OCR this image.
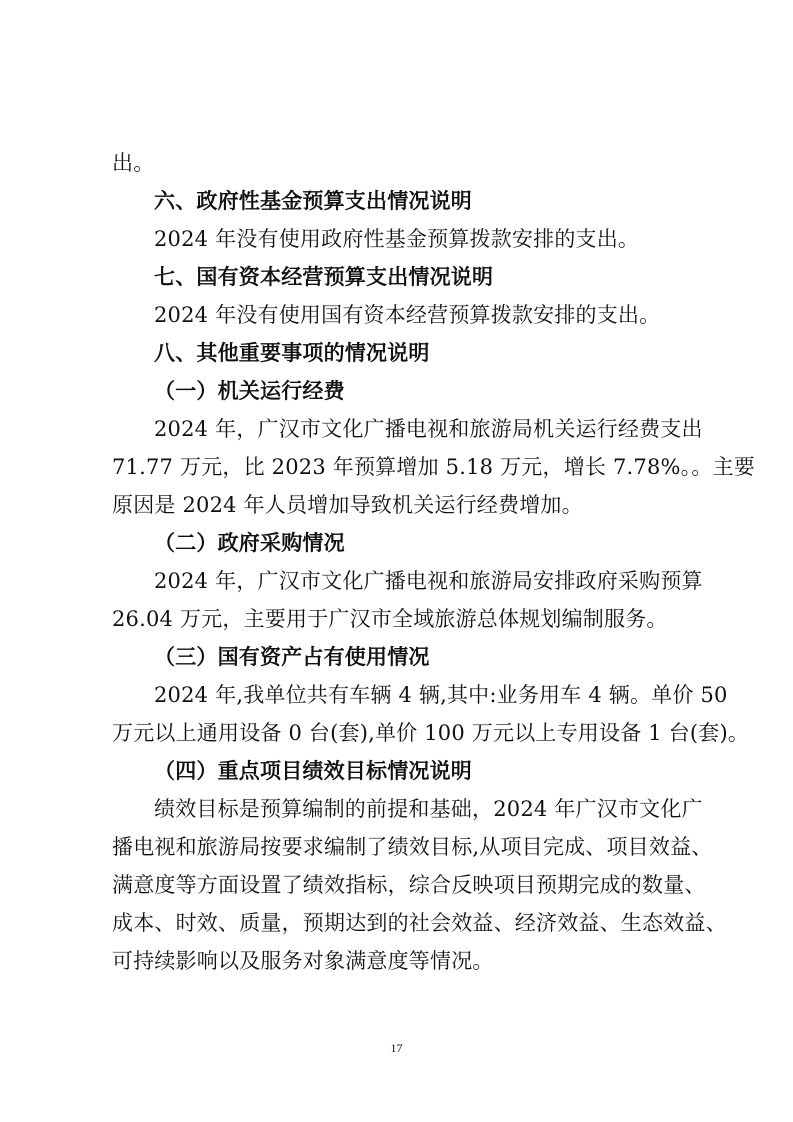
出。
六、政府性基金预算支出情况说明
2024 年没有使用政府性基金预算拨款安排的支出。
七、国有资本经营预算支出情况说明
2024 年没有使用国有资本经营预算拨款安排的支出。
八、其他重要事项的情况说明
（一）机关运行经费
2024 年，广汉市文化广播电视和旅游局机关运行经费支出
71.77 万元，比 2023 年预算增加 5.18 万元，增长 7.78%。。主要
原因是 2024 年人员增加导致机关运行经费增加。
（二）政府采购情况
2024 年，广汉市文化广播电视和旅游局安排政府采购预算
26.04 万元，主要用于广汉市全域旅游总体规划编制服务。
（三）国有资产占有使用情况
2024 年,我单位共有车辆 4 辆,其中:业务用车 4 辆。单价 50
万元以上通用设备 0 台(套),单价 100 万元以上专用设备 1 台(套)。
（四）重点项目绩效目标情况说明
绩效目标是预算编制的前提和基础，2024 年广汉市文化广
播电视和旅游局按要求编制了绩效目标,从项目完成、项目效益、
满意度等方面设置了绩效指标，综合反映项目预期完成的数量、
成本、时效、质量，预期达到的社会效益、经济效益、生态效益、
可持续影响以及服务对象满意度等情况。
17
